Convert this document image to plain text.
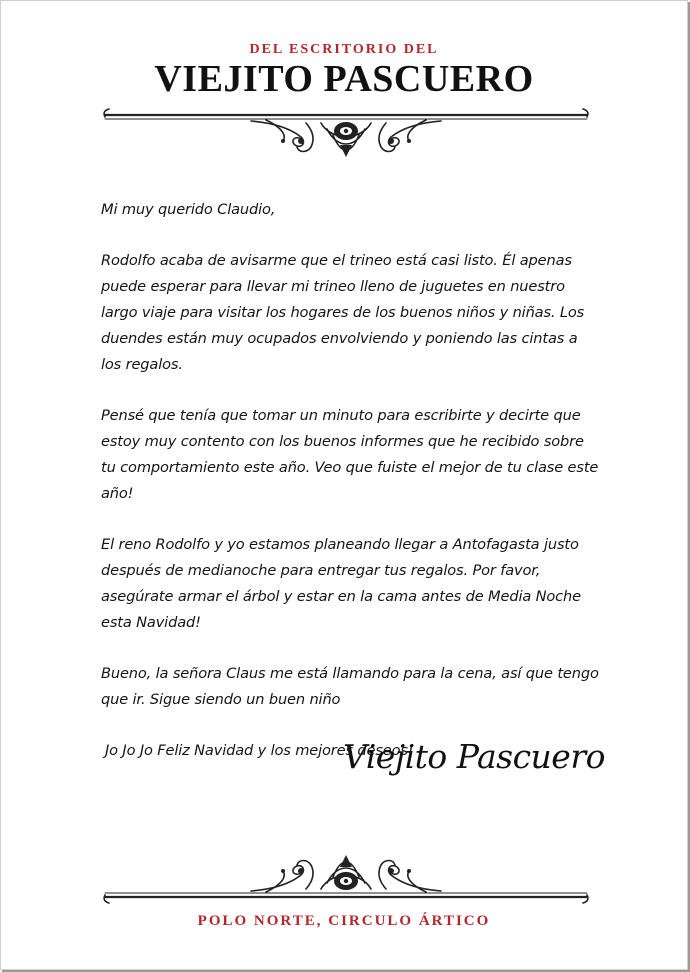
DEL ESCRITORIO DEL
VIEJITO PASCUERO

Mi muy querido Claudio,

Rodolfo acaba de avisarme que el trineo está casi listo. Él apenas puede esperar para llevar mi trineo lleno de juguetes en nuestro largo viaje para visitar los hogares de los buenos niños y niñas. Los duendes están muy ocupados envolviendo y poniendo las cintas a los regalos.

Pensé que tenía que tomar un minuto para escribirte y decirte que estoy muy contento con los buenos informes que he recibido sobre tu comportamiento este año. Veo que fuiste el mejor de tu clase este año!

El reno Rodolfo y yo estamos planeando llegar a Antofagasta justo después de medianoche para entregar tus regalos. Por favor, asegúrate armar el árbol y estar en la cama antes de Media Noche esta Navidad!

Bueno, la señora Claus me está llamando para la cena, así que tengo que ir. Sigue siendo un buen niño

Jo Jo Jo Feliz Navidad y los mejores deseos!

Viejito Pascuero
POLO NORTE, CIRCULO ÁRTICO
